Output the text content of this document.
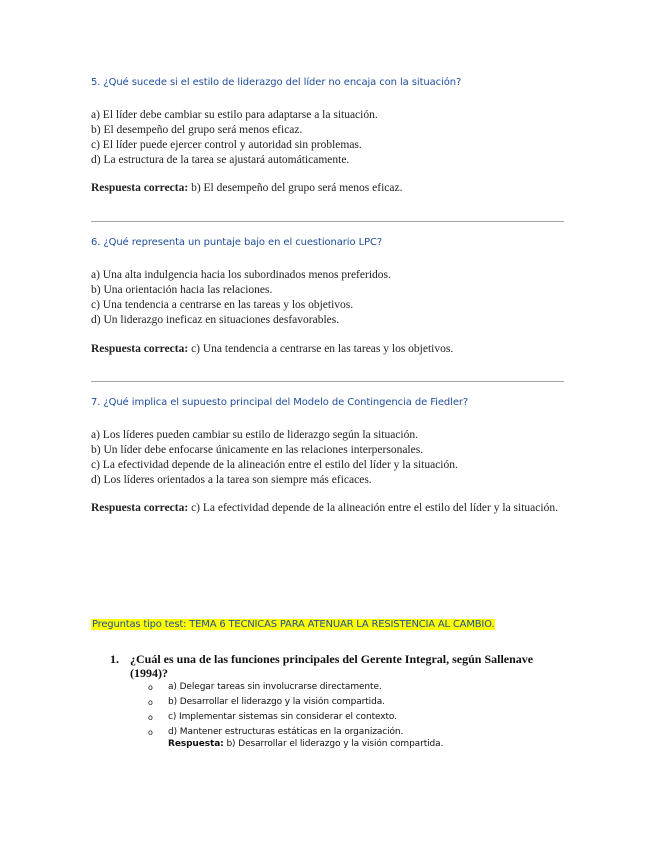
5. ¿Qué sucede si el estilo de liderazgo del líder no encaja con la situación?
a) El líder debe cambiar su estilo para adaptarse a la situación.
b) El desempeño del grupo será menos eficaz.
c) El líder puede ejercer control y autoridad sin problemas.
d) La estructura de la tarea se ajustará automáticamente.
Respuesta correcta: b) El desempeño del grupo será menos eficaz.
6. ¿Qué representa un puntaje bajo en el cuestionario LPC?
a) Una alta indulgencia hacia los subordinados menos preferidos.
b) Una orientación hacia las relaciones.
c) Una tendencia a centrarse en las tareas y los objetivos.
d) Un liderazgo ineficaz en situaciones desfavorables.
Respuesta correcta: c) Una tendencia a centrarse en las tareas y los objetivos.
7. ¿Qué implica el supuesto principal del Modelo de Contingencia de Fiedler?
a) Los líderes pueden cambiar su estilo de liderazgo según la situación.
b) Un líder debe enfocarse únicamente en las relaciones interpersonales.
c) La efectividad depende de la alineación entre el estilo del líder y la situación.
d) Los líderes orientados a la tarea son siempre más eficaces.
Respuesta correcta: c) La efectividad depende de la alineación entre el estilo del líder y la situación.
Preguntas tipo test: TEMA 6 TECNICAS PARA ATENUAR LA RESISTENCIA AL CAMBIO.
1. ¿Cuál es una de las funciones principales del Gerente Integral, según Sallenave (1994)?
o a) Delegar tareas sin involucrarse directamente.
o b) Desarrollar el liderazgo y la visión compartida.
o c) Implementar sistemas sin considerar el contexto.
o d) Mantener estructuras estáticas en la organización.
Respuesta: b) Desarrollar el liderazgo y la visión compartida.
